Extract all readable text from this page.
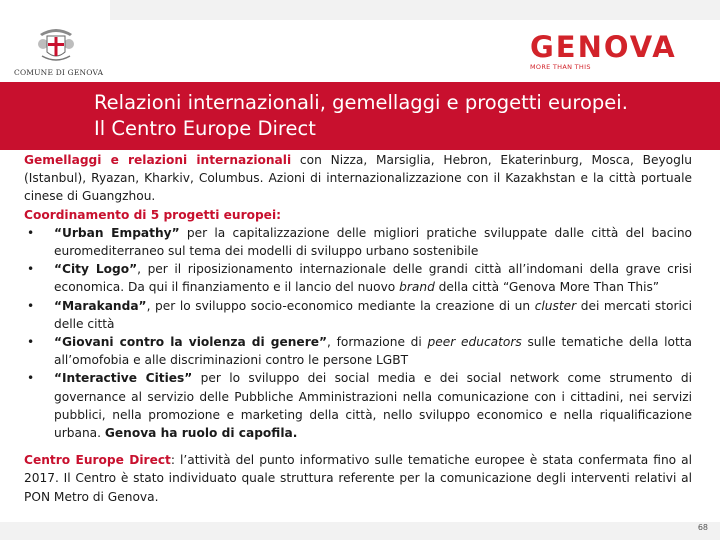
COMUNE DI GENOVA
GENOVA
MORE THAN THIS
Relazioni internazionali, gemellaggi e progetti europei.
Il Centro Europe Direct
Gemellaggi e relazioni internazionali con Nizza, Marsiglia, Hebron, Ekaterinburg, Mosca, Beyoglu (Istanbul), Ryazan, Kharkiv, Columbus. Azioni di internazionalizzazione con il Kazakhstan e la città portuale cinese di Guangzhou.
Coordinamento di 5 progetti europei:
• “Urban Empathy” per la capitalizzazione delle migliori pratiche sviluppate dalle città del bacino euromediterraneo sul tema dei modelli di sviluppo urbano sostenibile
• “City Logo”, per il riposizionamento internazionale delle grandi città all’indomani della grave crisi economica. Da qui il finanziamento e il lancio del nuovo brand della città “Genova More Than This”
• “Marakanda”, per lo sviluppo socio-economico mediante la creazione di un cluster dei mercati storici delle città
• “Giovani contro la violenza di genere”, formazione di peer educators sulle tematiche della lotta all’omofobia e alle discriminazioni contro le persone LGBT
• “Interactive Cities” per lo sviluppo dei social media e dei social network come strumento di governance al servizio delle Pubbliche Amministrazioni nella comunicazione con i cittadini, nei servizi pubblici, nella promozione e marketing della città, nello sviluppo economico e nella riqualificazione urbana. Genova ha ruolo di capofila.
Centro Europe Direct: l’attività del punto informativo sulle tematiche europee è stata confermata fino al 2017. Il Centro è stato individuato quale struttura referente per la comunicazione degli interventi relativi al PON Metro di Genova.
68
